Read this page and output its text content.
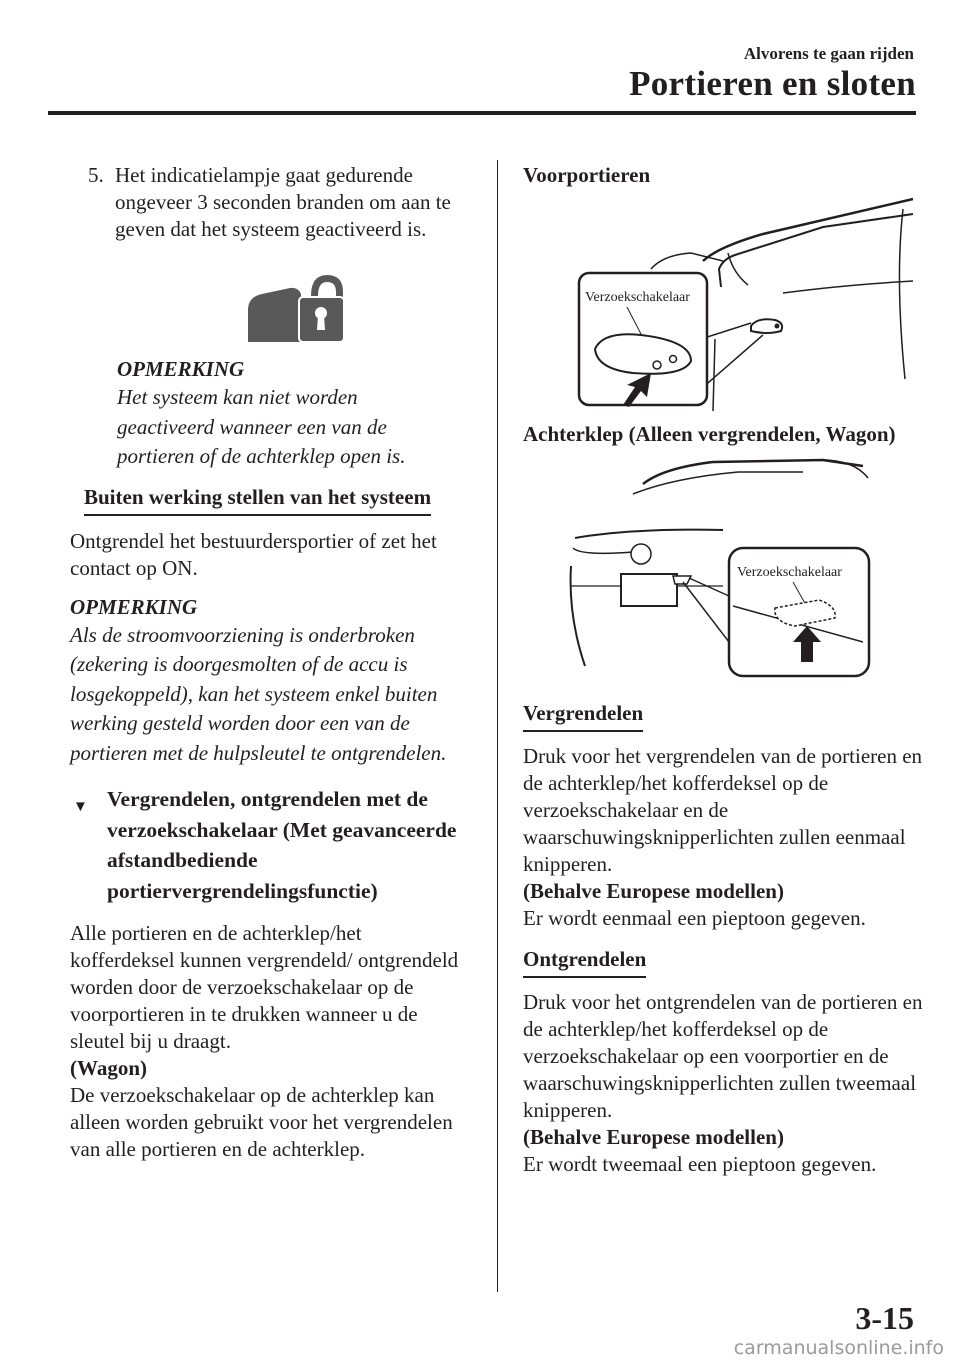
Alvorens te gaan rijden
Portieren en sloten

5. Het indicatielampje gaat gedurende ongeveer 3 seconden branden om aan te geven dat het systeem geactiveerd is.

OPMERKING
Het systeem kan niet worden geactiveerd wanneer een van de portieren of de achterklep open is.
Buiten werking stellen van het systeem

Ontgrendel het bestuurdersportier of zet het contact op ON.

OPMERKING
Als de stroomvoorziening is onderbroken (zekering is doorgesmolten of de accu is losgekoppeld), kan het systeem enkel buiten werking gesteld worden door een van de portieren met de hulpsleutel te ontgrendelen.
▼ Vergrendelen, ontgrendelen met de verzoekschakelaar (Met geavanceerde afstandbediende portiervergrendelingsfunctie)

Alle portieren en de achterklep/het kofferdeksel kunnen vergrendeld/ ontgrendeld worden door de verzoekschakelaar op de voorportieren in te drukken wanneer u de sleutel bij u draagt.

(Wagon)

De verzoekschakelaar op de achterklep kan alleen worden gebruikt voor het vergrendelen van alle portieren en de achterklep.

Voorportieren

Verzoekschakelaar

Achterklep (Alleen vergrendelen, Wagon)

Verzoekschakelaar
Vergrendelen

Druk voor het vergrendelen van de portieren en de achterklep/het kofferdeksel op de verzoekschakelaar en de waarschuwingsknipperlichten zullen eenmaal knipperen.

(Behalve Europese modellen)

Er wordt eenmaal een pieptoon gegeven.

Ontgrendelen

Druk voor het ontgrendelen van de portieren en de achterklep/het kofferdeksel op de verzoekschakelaar op een voorportier en de waarschuwingsknipperlichten zullen tweemaal knipperen.

(Behalve Europese modellen)

Er wordt tweemaal een pieptoon gegeven.

3-15
carmanualsonline.info
